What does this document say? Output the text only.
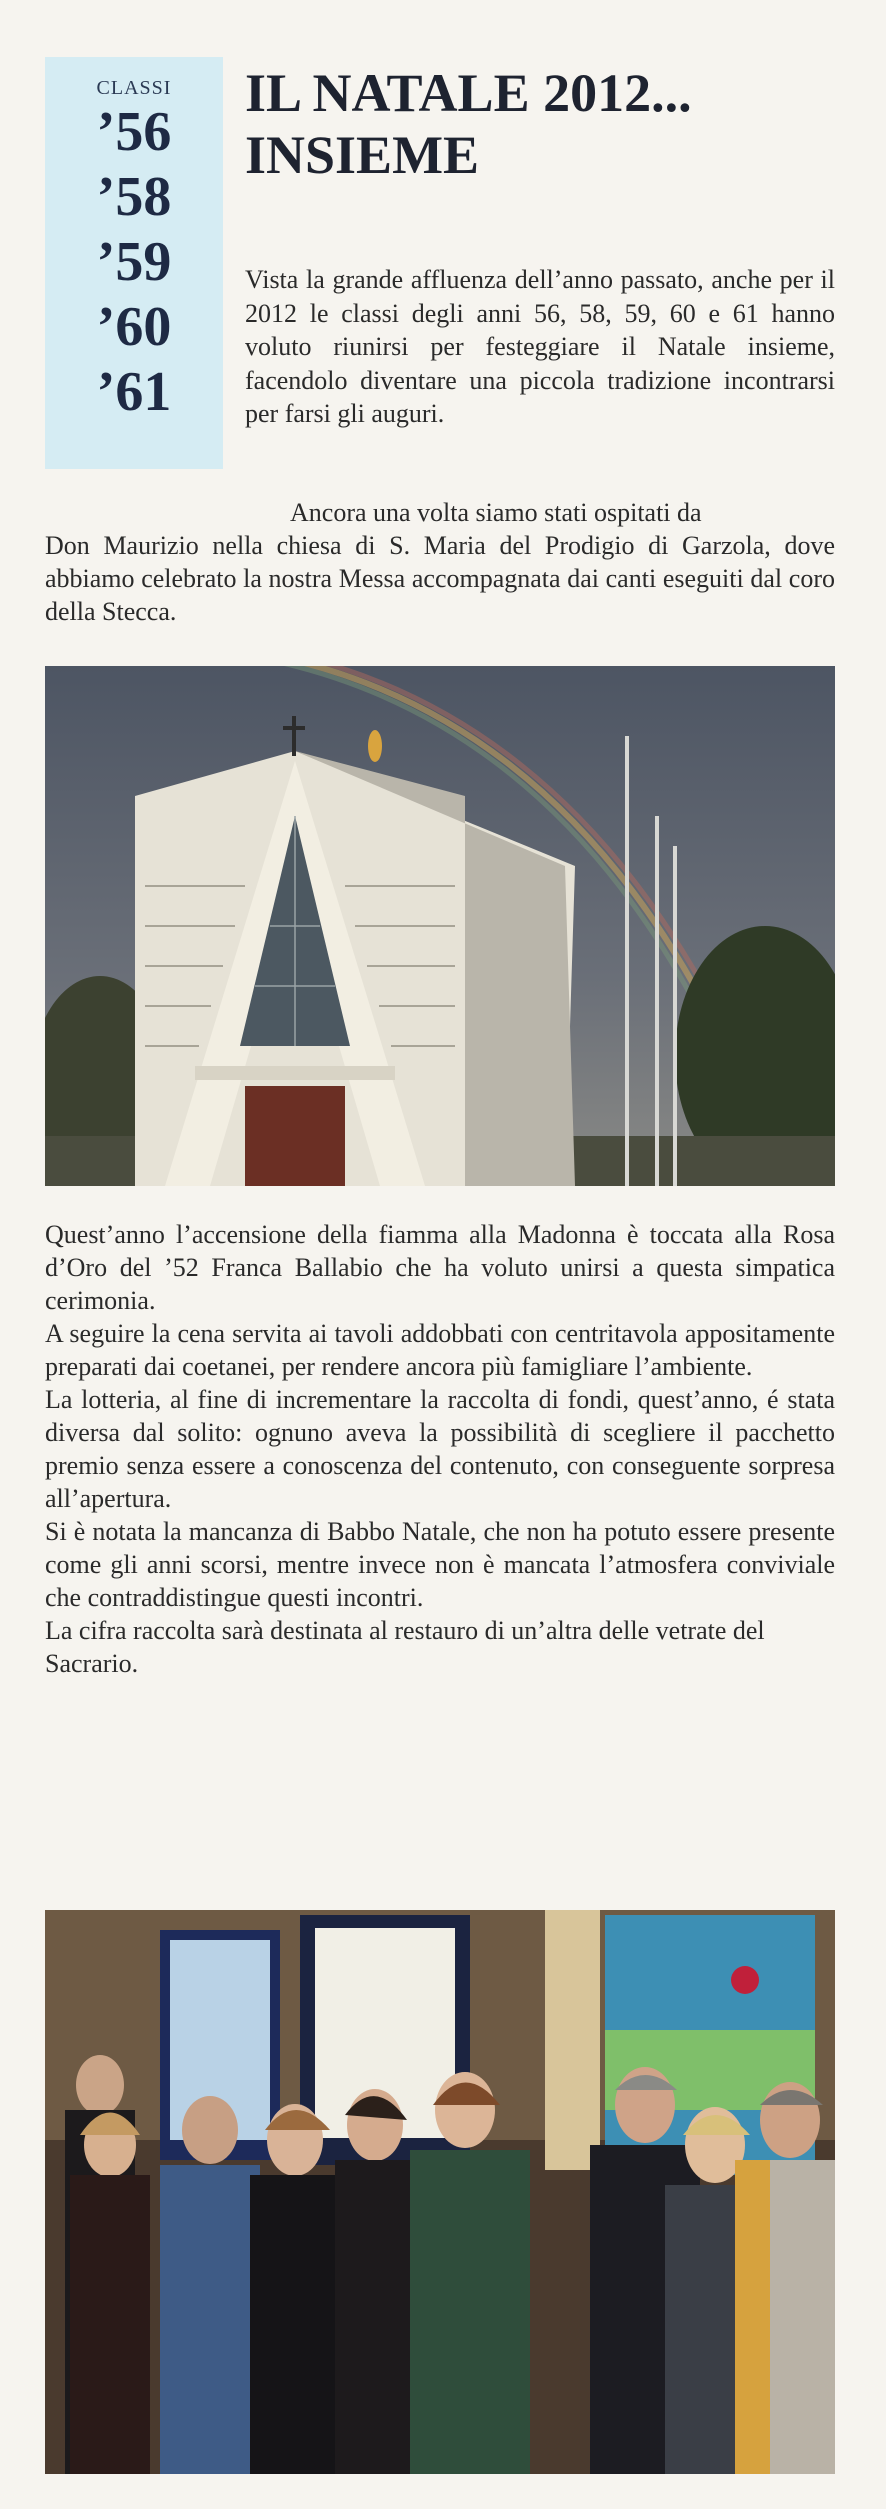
CLASSI
’56
’58
’59
’60
’61
IL NATALE 2012...
INSIEME

Vista la grande affluenza dell’anno passato, anche per il 2012 le classi degli anni 56, 58, 59, 60 e 61 hanno voluto riunirsi per festeggiare il Natale insieme, facendolo diventare una piccola tradizione incontrarsi per farsi gli auguri.

Ancora una volta siamo stati ospitati da

Don Maurizio nella chiesa di S. Maria del Prodigio di Garzola, dove abbiamo celebrato la nostra Messa accompagnata dai canti eseguiti dal coro della Stecca.

Quest’anno l’accensione della fiamma alla Madonna è toccata alla Rosa d’Oro del ’52 Franca Ballabio che ha voluto unirsi a questa simpatica cerimonia.

A seguire la cena servita ai tavoli addobbati con centritavola appositamente preparati dai coetanei, per rendere ancora più famigliare l’ambiente.

La lotteria, al fine di incrementare la raccolta di fondi, quest’anno, é stata diversa dal solito: ognuno aveva la possibilità di scegliere il pacchetto premio senza essere a conoscenza del contenuto, con conseguente sorpresa all’apertura.

Si è notata la mancanza di Babbo Natale, che non ha potuto essere presente come gli anni scorsi, mentre invece non è mancata l’atmosfera conviviale che contraddistingue questi incontri.

La cifra raccolta sarà destinata al restauro di un’altra delle vetrate del Sacrario.
